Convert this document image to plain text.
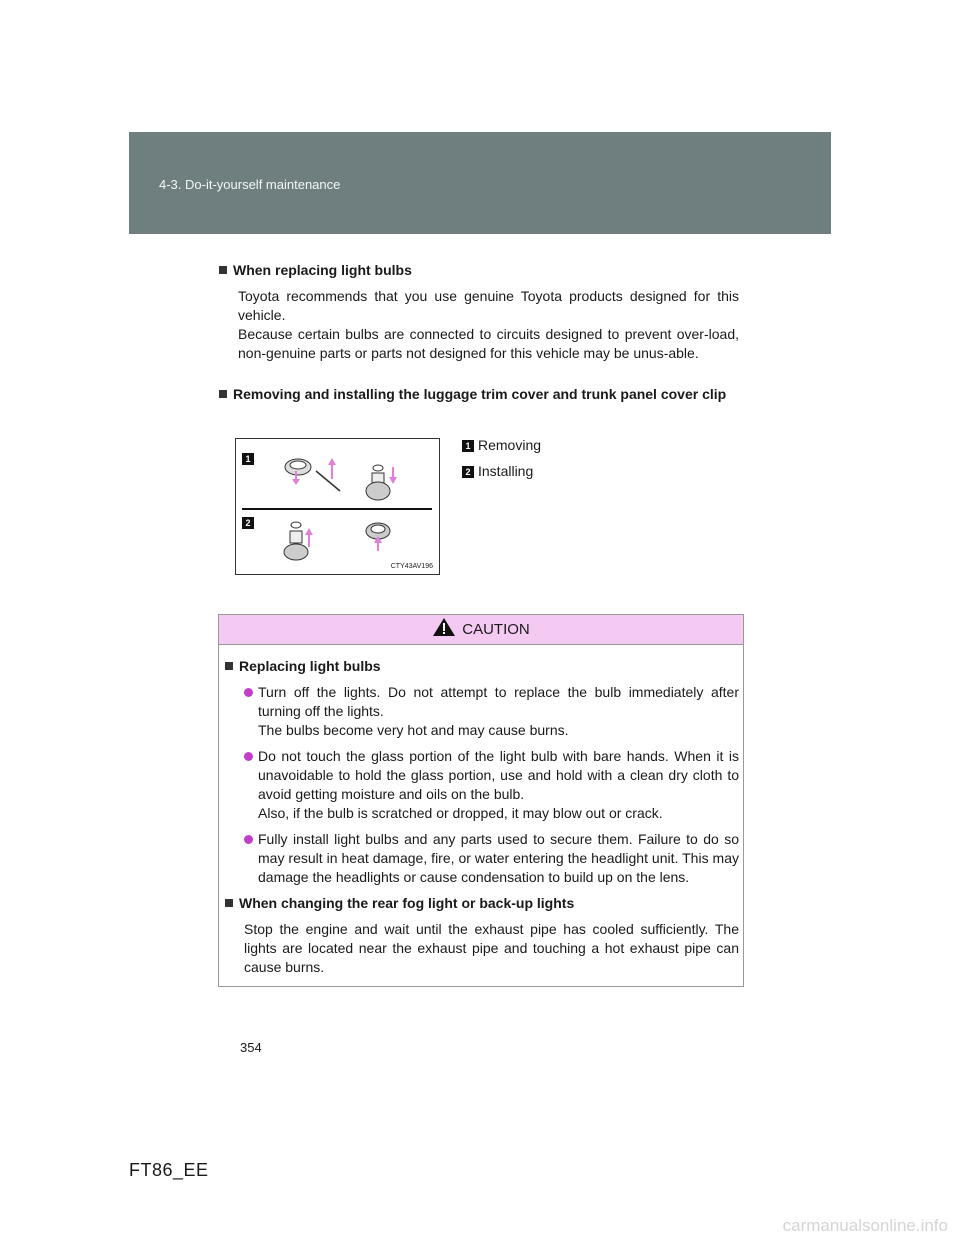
4-3. Do-it-yourself maintenance
When replacing light bulbs

Toyota recommends that you use genuine Toyota products designed for this vehicle.

Because certain bulbs are connected to circuits designed to prevent over-load, non-genuine parts or parts not designed for this vehicle may be unus-able.

Removing and installing the luggage trim cover and trunk panel cover clip
1
2
CTY43AV196
1 Removing
2 Installing
CAUTION
Replacing light bulbs

Turn off the lights. Do not attempt to replace the bulb immediately after turning off the lights.

The bulbs become very hot and may cause burns.

Do not touch the glass portion of the light bulb with bare hands. When it is unavoidable to hold the glass portion, use and hold with a clean dry cloth to avoid getting moisture and oils on the bulb.

Also, if the bulb is scratched or dropped, it may blow out or crack.

Fully install light bulbs and any parts used to secure them. Failure to do so may result in heat damage, fire, or water entering the headlight unit. This may damage the headlights or cause condensation to build up on the lens.

When changing the rear fog light or back-up lights

Stop the engine and wait until the exhaust pipe has cooled sufficiently. The lights are located near the exhaust pipe and touching a hot exhaust pipe can cause burns.

354
FT86_EE
carmanualsonline.info
